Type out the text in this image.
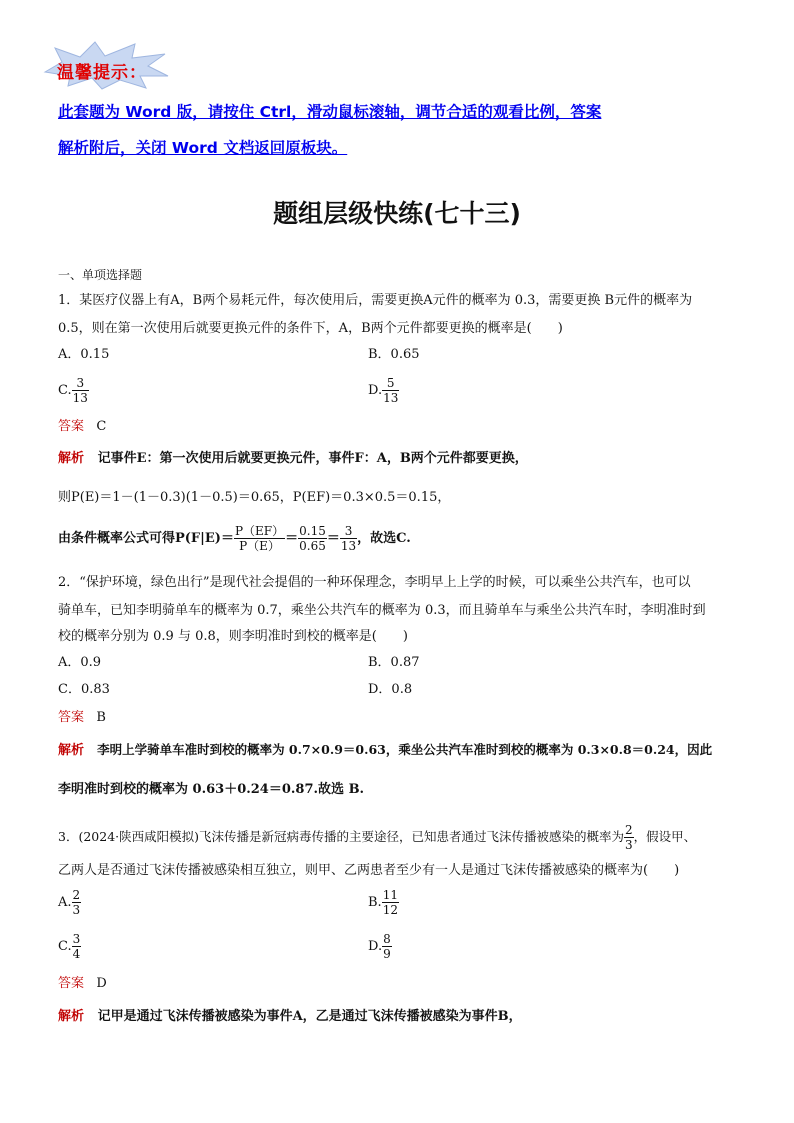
温馨提示：
此套题为 Word 版，请按住 Ctrl，滑动鼠标滚轴，调节合适的观看比例，答案
解析附后，关闭 Word 文档返回原板块。
题组层级快练(七十三)
一、单项选择题
1．某医疗仪器上有A，B两个易耗元件，每次使用后，需要更换A元件的概率为 0.3，需要更换 B元件的概率为
0.5，则在第一次使用后就要更换元件的条件下，A，B两个元件都要更换的概率是(　　)
A．0.15	B．0.65
C. $\frac{3}{13}$	D. $\frac{5}{13}$
答案 C
解析 记事件E：第一次使用后就要更换元件，事件F：A，B两个元件都要更换，
则P(E)＝1－(1－0.3)(1－0.5)＝0.65，P(EF)＝0.3×0.5＝0.15，
由条件概率公式可得$P(F|E)= \frac{P(EF)}{P(E)} = \frac{0.15}{0.65} = \frac{3}{13}$ ，故选C.
2．“保护环境，绿色出行”是现代社会提倡的一种环保理念，李明早上上学的时候，可以乘坐公共汽车，也可以
骑单车，已知李明骑单车的概率为 0.7，乘坐公共汽车的概率为 0.3，而且骑单车与乘坐公共汽车时，李明准时到
校的概率分别为 0.9 与 0.8，则李明准时到校的概率是(　　)
A．0.9	B．0.87
C．0.83	D．0.8
答案 B
解析 李明上学骑单车准时到校的概率为 0.7×0.9＝0.63，乘坐公共汽车准时到校的概率为 0.3×0.8＝0.24，因此
李明准时到校的概率为 0.63＋0.24＝0.87.故选 B.
3．(2024·陕西咸阳模拟)飞沫传播是新冠病毒传播的主要途径，已知患者通过飞沫传播被感染的概率为 $\frac{2}{3}$ ，假设甲、
乙两人是否通过飞沫传播被感染相互独立，则甲、乙两患者至少有一人是通过飞沫传播被感染的概率为(　　)
A. $\frac{2}{3}$	B. $\frac{11}{12}$
C. $\frac{3}{4}$	D. $\frac{8}{9}$
答案 D
解析 记甲是通过飞沫传播被感染为事件A，乙是通过飞沫传播被感染为事件B，
